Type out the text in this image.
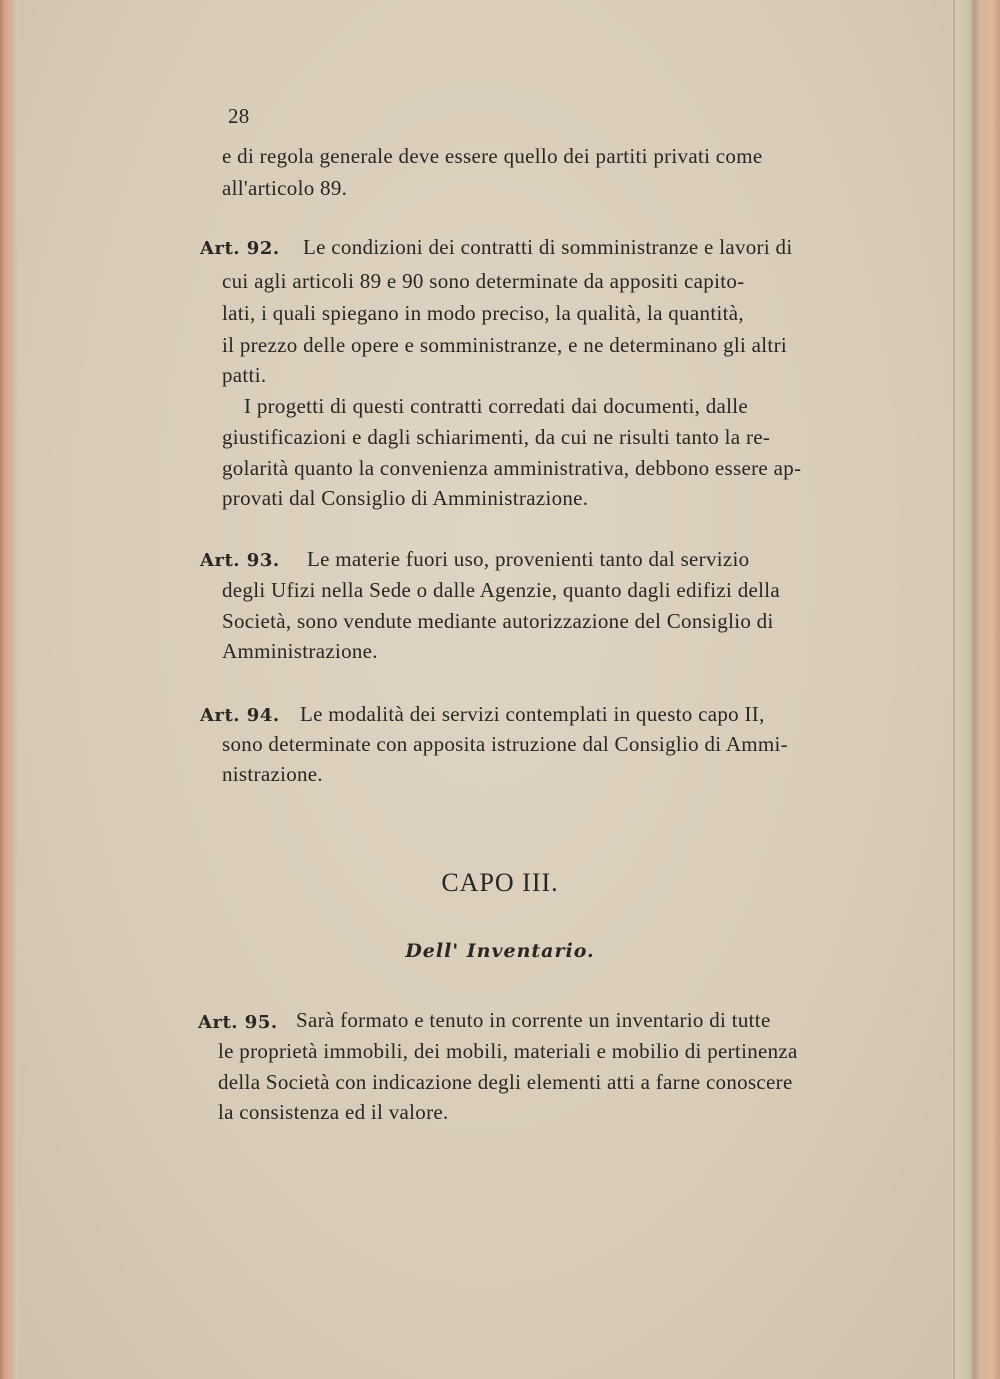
28
e di regola generale deve essere quello dei partiti privati come
all'articolo 89.
Art. 92. Le condizioni dei contratti di somministranze e lavori di
cui agli articoli 89 e 90 sono determinate da appositi capito-
lati, i quali spiegano in modo preciso, la qualità, la quantità,
il prezzo delle opere e somministranze, e ne determinano gli altri
patti.
I progetti di questi contratti corredati dai documenti, dalle
giustificazioni e dagli schiarimenti, da cui ne risulti tanto la re-
golarità quanto la convenienza amministrativa, debbono essere ap-
provati dal Consiglio di Amministrazione.
Art. 93. Le materie fuori uso, provenienti tanto dal servizio
degli Ufizi nella Sede o dalle Agenzie, quanto dagli edifizi della
Società, sono vendute mediante autorizzazione del Consiglio di
Amministrazione.
Art. 94. Le modalità dei servizi contemplati in questo capo II,
sono determinate con apposita istruzione dal Consiglio di Ammi-
nistrazione.
CAPO III.
Dell' Inventario.
Art. 95. Sarà formato e tenuto in corrente un inventario di tutte
le proprietà immobili, dei mobili, materiali e mobilio di pertinenza
della Società con indicazione degli elementi atti a farne conoscere
la consistenza ed il valore.
